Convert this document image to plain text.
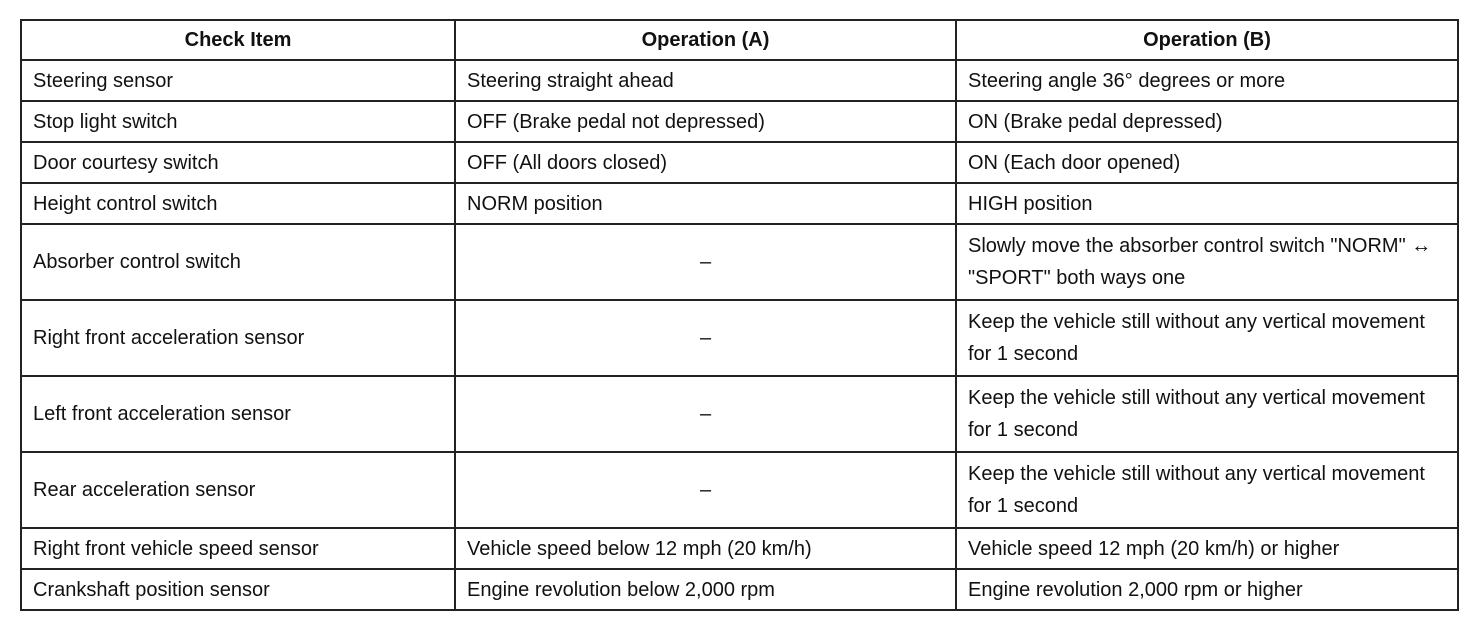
Check Item	Operation (A)	Operation (B)
Steering sensor	Steering straight ahead	Steering angle 36° degrees or more
Stop light switch	OFF (Brake pedal not depressed)	ON (Brake pedal depressed)
Door courtesy switch	OFF (All doors closed)	ON (Each door opened)
Height control switch	NORM position	HIGH position
Absorber control switch	–	Slowly move the absorber control switch "NORM" ↔ "SPORT" both ways one
Right front acceleration sensor	–	Keep the vehicle still without any vertical movement for 1 second
Left front acceleration sensor	–	Keep the vehicle still without any vertical movement for 1 second
Rear acceleration sensor	–	Keep the vehicle still without any vertical movement for 1 second
Right front vehicle speed sensor	Vehicle speed below 12 mph (20 km/h)	Vehicle speed 12 mph (20 km/h) or higher
Crankshaft position sensor	Engine revolution below 2,000 rpm	Engine revolution 2,000 rpm or higher
